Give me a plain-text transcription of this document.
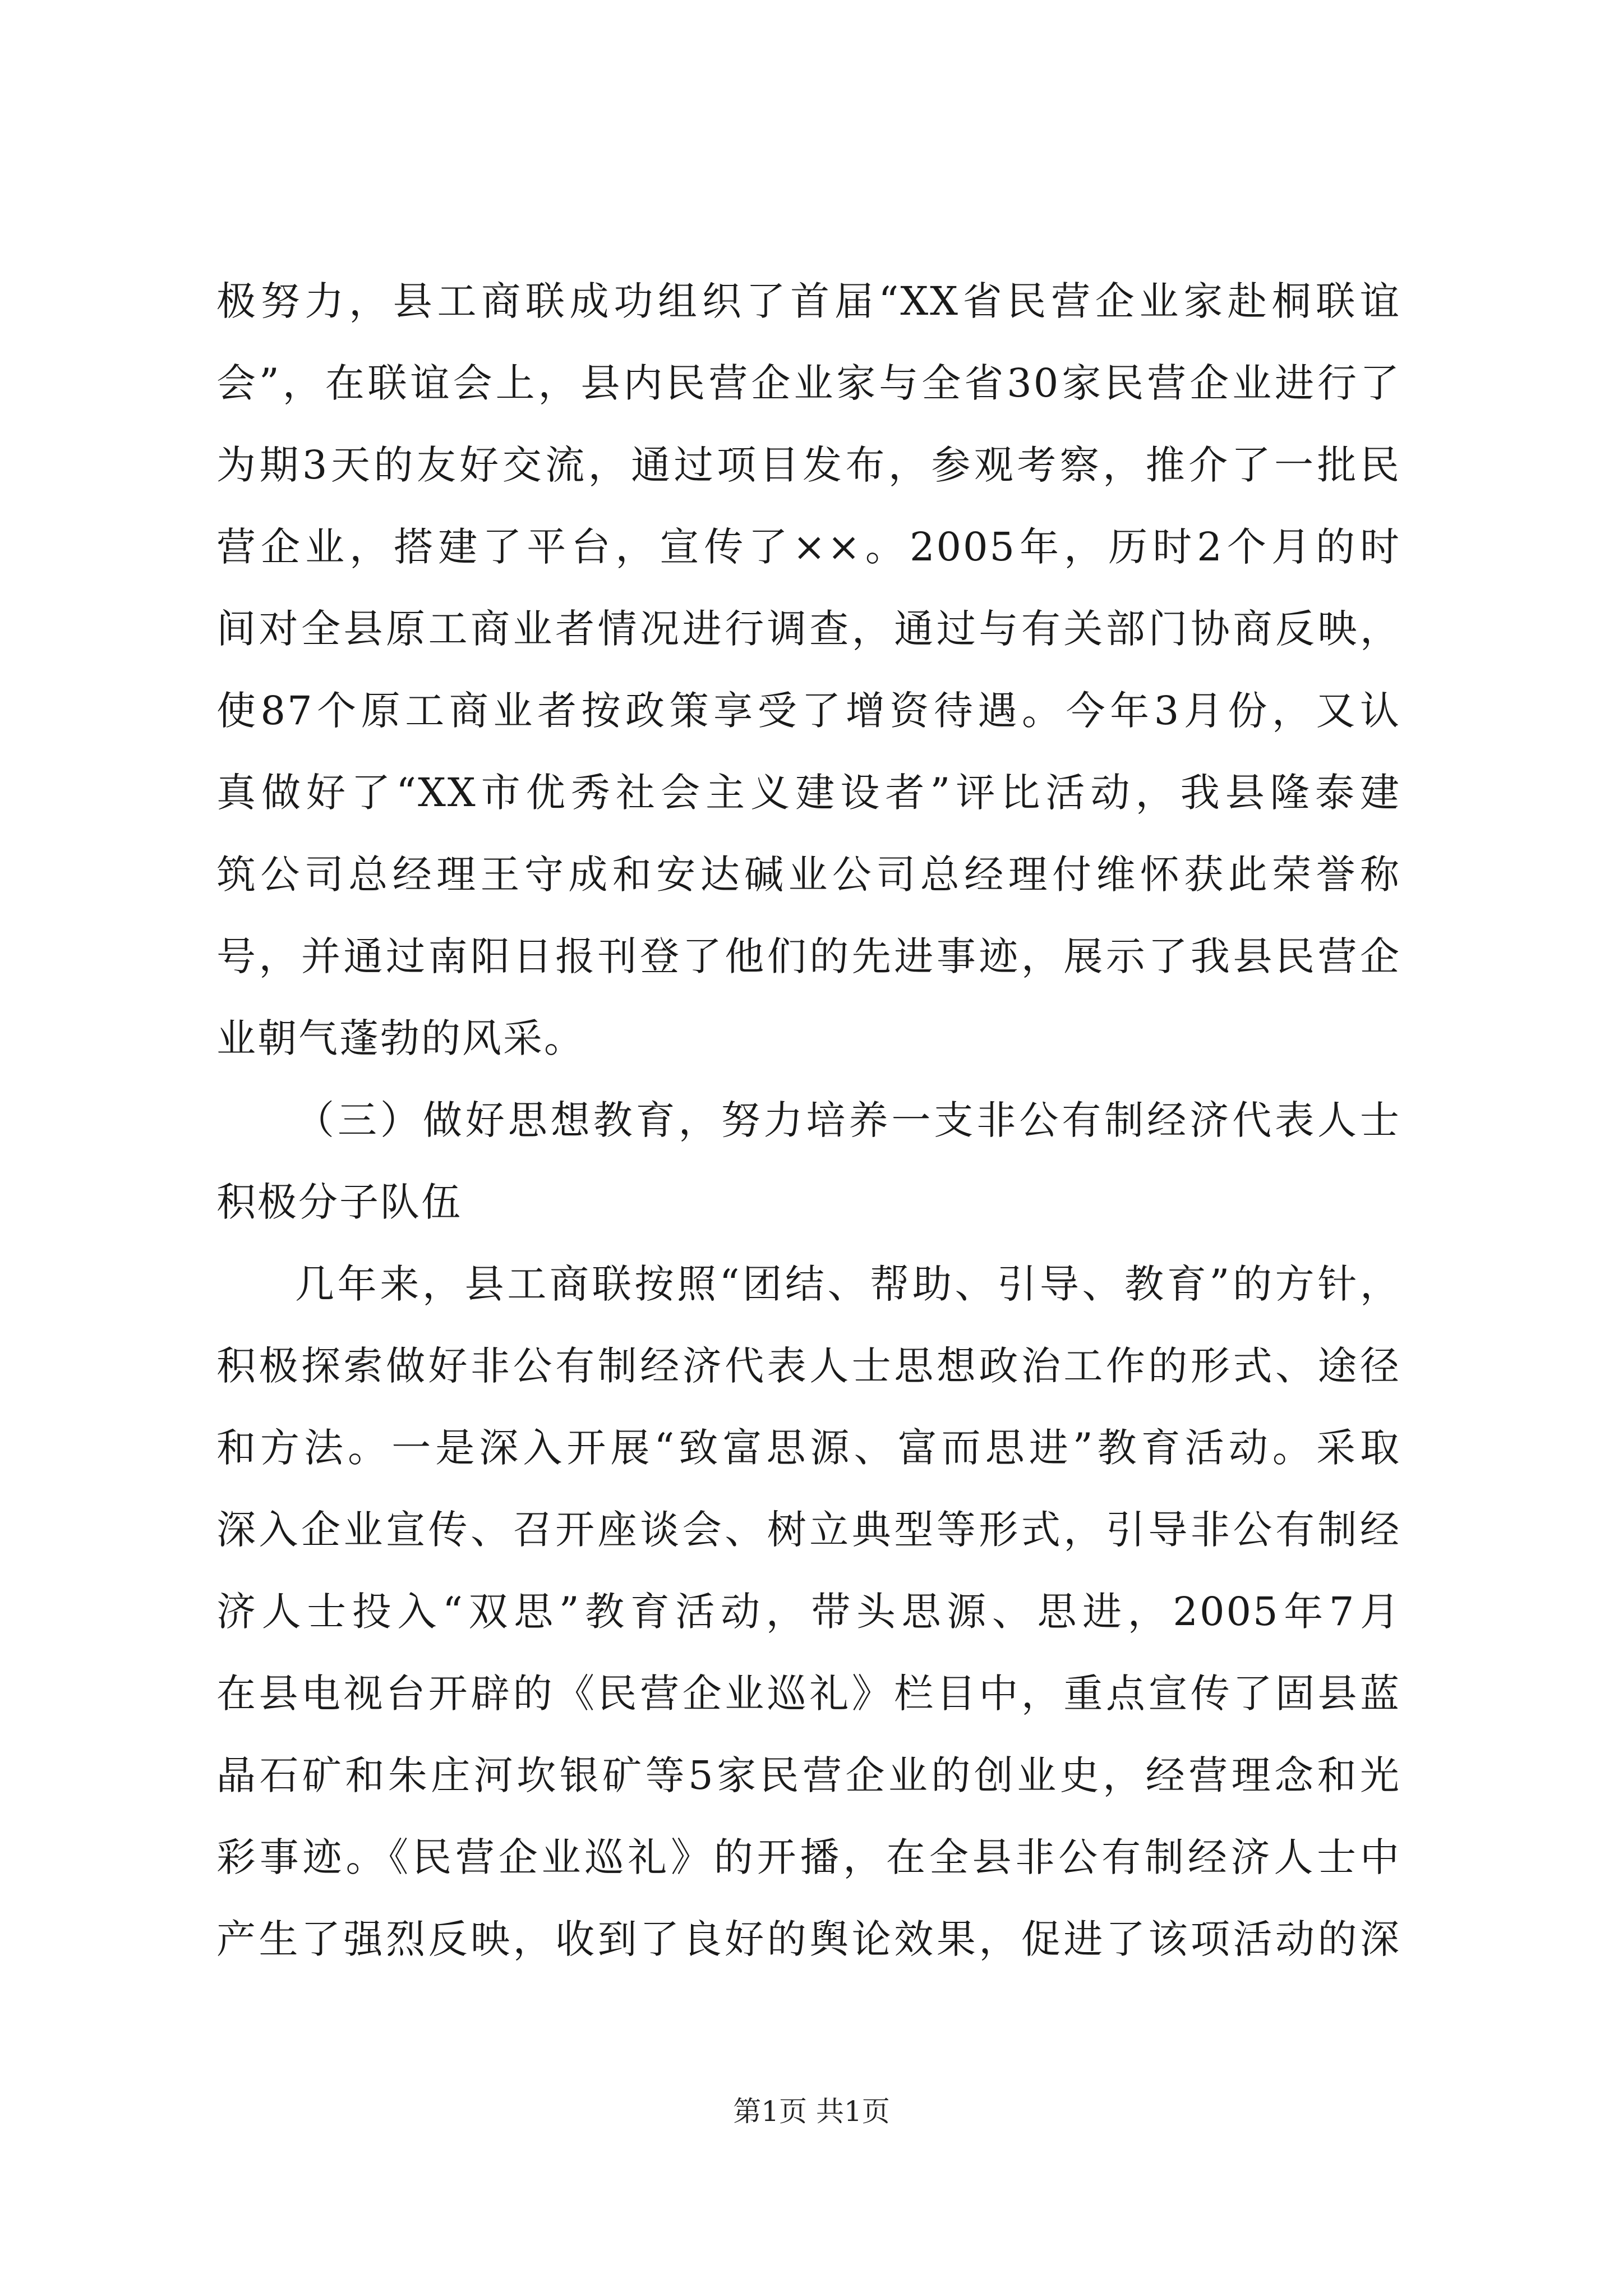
极努力，县工商联成功组织了首届“XX省民营企业家赴桐联谊
会”，在联谊会上，县内民营企业家与全省30家民营企业进行了
为期3天的友好交流，通过项目发布，参观考察，推介了一批民
营企业，搭建了平台，宣传了××。2005年，历时2个月的时
间对全县原工商业者情况进行调查，通过与有关部门协商反映，
使87个原工商业者按政策享受了增资待遇。今年3月份，又认
真做好了“XX市优秀社会主义建设者”评比活动，我县隆泰建
筑公司总经理王守成和安达碱业公司总经理付维怀获此荣誉称
号，并通过南阳日报刊登了他们的先进事迹，展示了我县民营企
业朝气蓬勃的风采。
（三）做好思想教育，努力培养一支非公有制经济代表人士
积极分子队伍
几年来，县工商联按照“团结、帮助、引导、教育”的方针，
积极探索做好非公有制经济代表人士思想政治工作的形式、途径
和方法。一是深入开展“致富思源、富而思进”教育活动。采取
深入企业宣传、召开座谈会、树立典型等形式，引导非公有制经
济人士投入“双思”教育活动，带头思源、思进，2005年7月
在县电视台开辟的《民营企业巡礼》栏目中，重点宣传了固县蓝
晶石矿和朱庄河坎银矿等5家民营企业的创业史，经营理念和光
彩事迹。《民营企业巡礼》的开播，在全县非公有制经济人士中
产生了强烈反映，收到了良好的舆论效果，促进了该项活动的深
第1页 共1页
